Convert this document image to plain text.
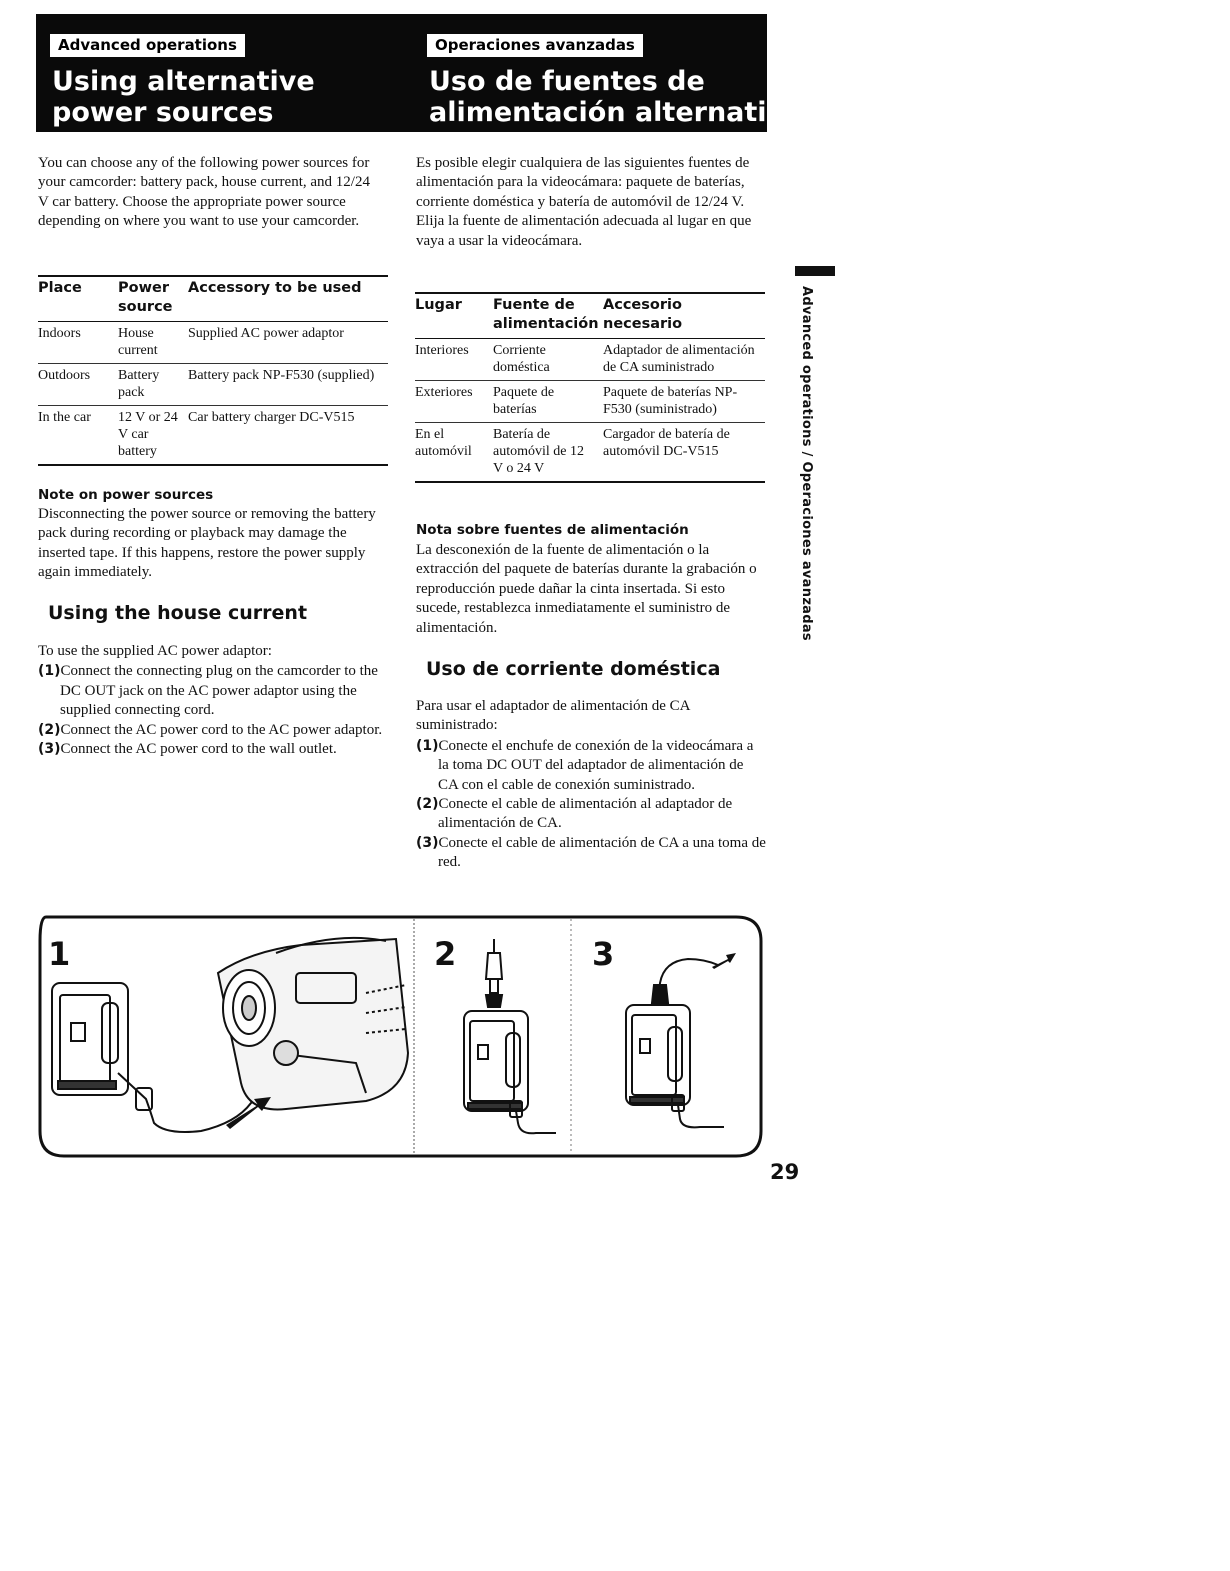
Advanced operations
Using alternative
power sources
Operaciones avanzadas
Uso de fuentes de
alimentación alternativas
You can choose any of the following power sources for your camcorder: battery pack, house current, and 12/24 V car battery. Choose the appropriate power source depending on where you want to use your camcorder.
Place	Power source	Accessory to be used
Indoors	House current	Supplied AC power adaptor
Outdoors	Battery pack	Battery pack NP-F530 (supplied)
In the car	12 V or 24 V car battery	Car battery charger DC-V515
Note on power sources
Disconnecting the power source or removing the battery pack during recording or playback may damage the inserted tape. If this happens, restore the power supply again immediately.
Using the house current
To use the supplied AC power adaptor:
(1)Connect the connecting plug on the camcorder to the DC OUT jack on the AC power adaptor using the supplied connecting cord.
(2)Connect the AC power cord to the AC power adaptor.
(3)Connect the AC power cord to the wall outlet.
Es posible elegir cualquiera de las siguientes fuentes de alimentación para la videocámara: paquete de baterías, corriente doméstica y batería de automóvil de 12/24 V. Elija la fuente de alimentación adecuada al lugar en que vaya a usar la videocámara.
Lugar	Fuente de alimentación	Accesorio necesario
Interiores	Corriente doméstica	Adaptador de alimentación de CA suministrado
Exteriores	Paquete de baterías	Paquete de baterías NP-F530 (suministrado)
En el automóvil	Batería de automóvil de 12 V o 24 V	Cargador de batería de automóvil DC-V515
Nota sobre fuentes de alimentación
La desconexión de la fuente de alimentación o la extracción del paquete de baterías durante la grabación o reproducción puede dañar la cinta insertada. Si esto sucede, restablezca inmediatamente el suministro de alimentación.
Uso de corriente doméstica
Para usar el adaptador de alimentación de CA suministrado:
(1)Conecte el enchufe de conexión de la videocámara a la toma DC OUT del adaptador de alimentación de CA con el cable de conexión suministrado.
(2)Conecte el cable de alimentación al adaptador de alimentación de CA.
(3)Conecte el cable de alimentación de CA a una toma de red.
Advanced operations / Operaciones avanzadas
1	2	3
29
